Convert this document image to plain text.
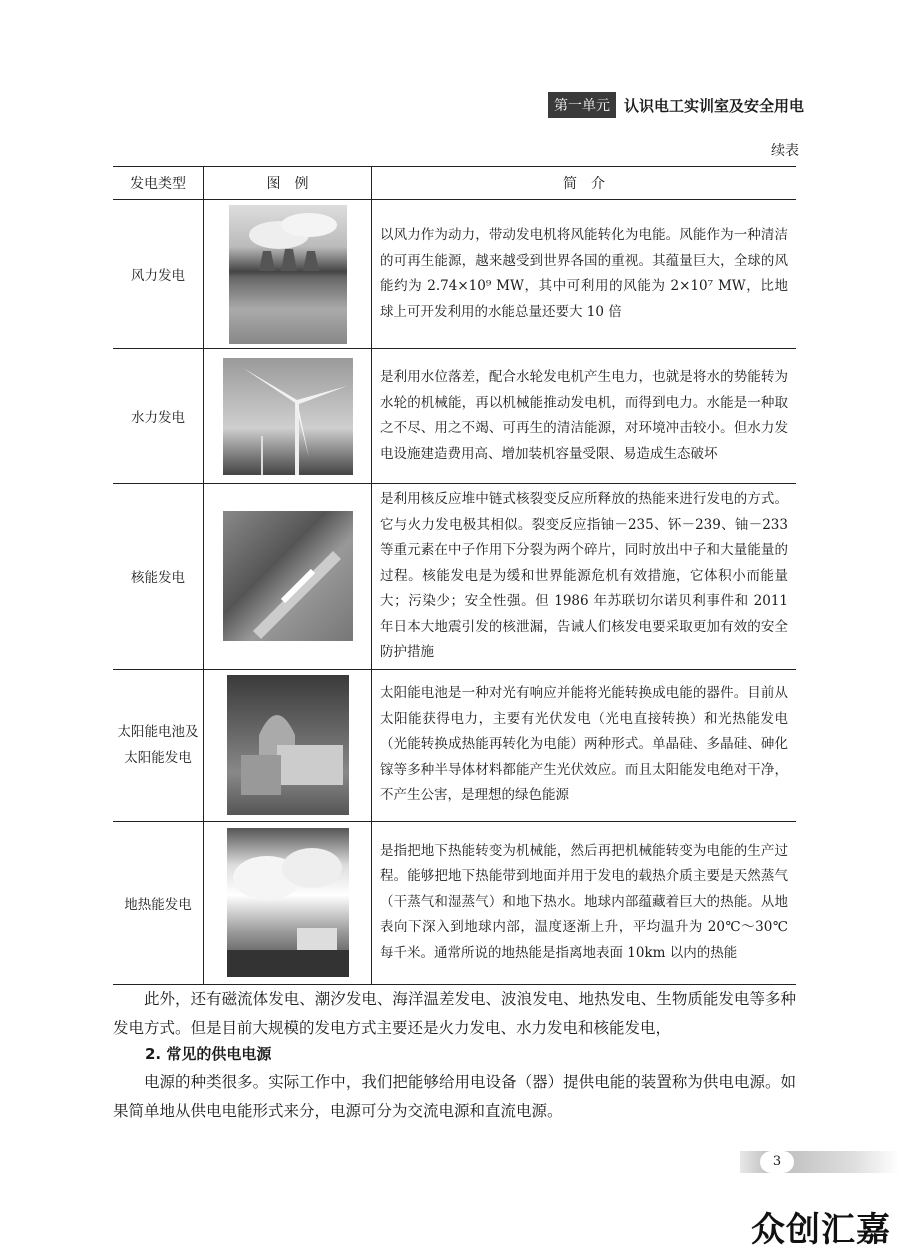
第一单元 认识电工实训室及安全用电
续表
发电类型	图　例	简　介
风力发电		以风力作为动力，带动发电机将风能转化为电能。风能作为一种清洁的可再生能源，越来越受到世界各国的重视。其蕴量巨大，全球的风能约为 2.74×10⁹ MW，其中可利用的风能为 2×10⁷ MW，比地球上可开发利用的水能总量还要大 10 倍
水力发电		是利用水位落差，配合水轮发电机产生电力，也就是将水的势能转为水轮的机械能，再以机械能推动发电机，而得到电力。水能是一种取之不尽、用之不竭、可再生的清洁能源，对环境冲击较小。但水力发电设施建造费用高、增加装机容量受限、易造成生态破坏
核能发电		是利用核反应堆中链式核裂变反应所释放的热能来进行发电的方式。它与火力发电极其相似。裂变反应指铀－235、钚－239、铀－233 等重元素在中子作用下分裂为两个碎片，同时放出中子和大量能量的过程。核能发电是为缓和世界能源危机有效措施，它体积小而能量大；污染少；安全性强。但 1986 年苏联切尔诺贝利事件和 2011 年日本大地震引发的核泄漏，告诫人们核发电要采取更加有效的安全防护措施
太阳能电池及太阳能发电		太阳能电池是一种对光有响应并能将光能转换成电能的器件。目前从太阳能获得电力，主要有光伏发电（光电直接转换）和光热能发电（光能转换成热能再转化为电能）两种形式。单晶硅、多晶硅、砷化镓等多种半导体材料都能产生光伏效应。而且太阳能发电绝对干净，不产生公害，是理想的绿色能源
地热能发电		是指把地下热能转变为机械能，然后再把机械能转变为电能的生产过程。能够把地下热能带到地面并用于发电的载热介质主要是天然蒸气（干蒸气和湿蒸气）和地下热水。地球内部蕴藏着巨大的热能。从地表向下深入到地球内部，温度逐渐上升，平均温升为 20℃～30℃ 每千米。通常所说的地热能是指离地表面 10km 以内的热能
此外，还有磁流体发电、潮汐发电、海洋温差发电、波浪发电、地热发电、生物质能发电等多种发电方式。但是目前大规模的发电方式主要还是火力发电、水力发电和核能发电，
2. 常见的供电电源
电源的种类很多。实际工作中，我们把能够给用电设备（器）提供电能的装置称为供电电源。如果简单地从供电电能形式来分，电源可分为交流电源和直流电源。
3
众创汇嘉
